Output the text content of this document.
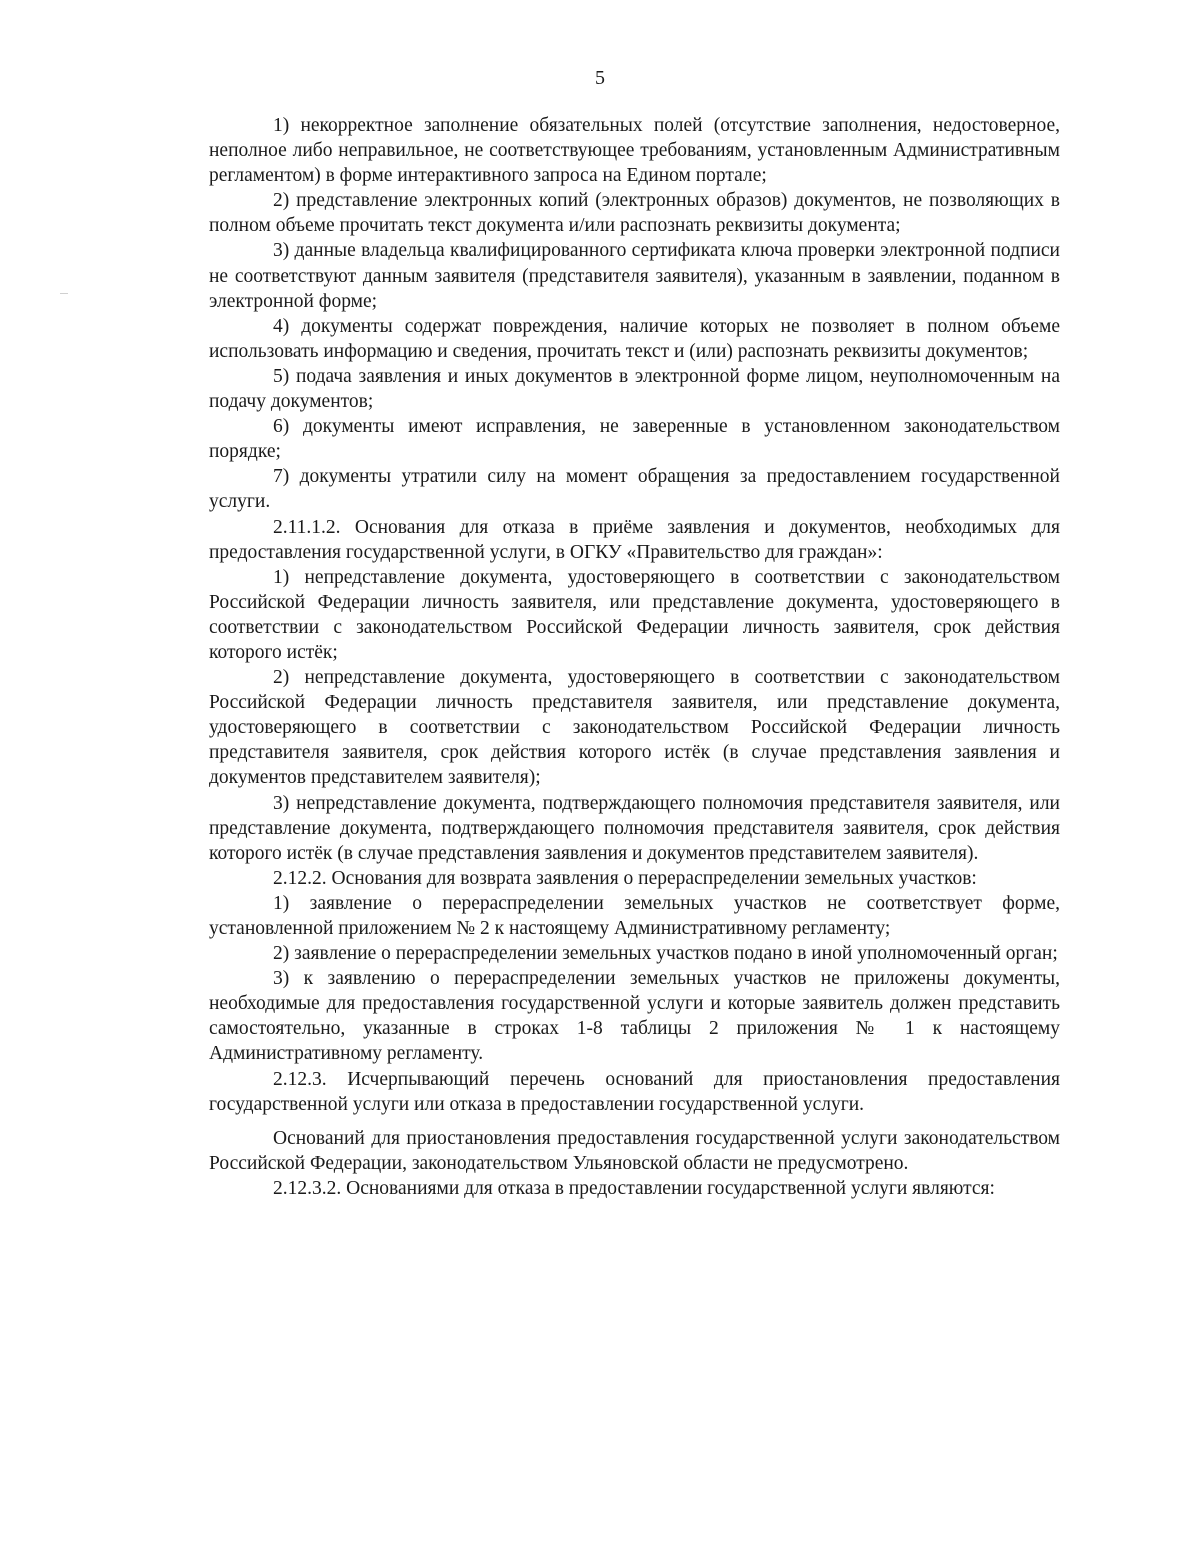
5

1) некорректное заполнение обязательных полей (отсутствие заполнения, недостоверное, неполное либо неправильное, не соответствующее требованиям, установленным Административным регламентом) в форме интерактивного запроса на Едином портале;

2) представление электронных копий (электронных образов) документов, не позволяющих в полном объеме прочитать текст документа и/или распознать реквизиты документа;

3) данные владельца квалифицированного сертификата ключа проверки электронной подписи не соответствуют данным заявителя (представителя заявителя), указанным в заявлении, поданном в электронной форме;

4) документы содержат повреждения, наличие которых не позволяет в полном объеме использовать информацию и сведения, прочитать текст и (или) распознать реквизиты документов;

5) подача заявления и иных документов в электронной форме лицом, неуполномоченным на подачу документов;

6) документы имеют исправления, не заверенные в установленном законодательством порядке;

7) документы утратили силу на момент обращения за предоставлением государственной услуги.

2.11.1.2. Основания для отказа в приёме заявления и документов, необходимых для предоставления государственной услуги, в ОГКУ «Правительство для граждан»:

1) непредставление документа, удостоверяющего в соответствии с законодательством Российской Федерации личность заявителя, или представление документа, удостоверяющего в соответствии с законодательством Российской Федерации личность заявителя, срок действия которого истёк;

2) непредставление документа, удостоверяющего в соответствии с законодательством Российской Федерации личность представителя заявителя, или представление документа, удостоверяющего в соответствии с законодательством Российской Федерации личность представителя заявителя, срок действия которого истёк (в случае представления заявления и документов представителем заявителя);

3) непредставление документа, подтверждающего полномочия представителя заявителя, или представление документа, подтверждающего полномочия представителя заявителя, срок действия которого истёк (в случае представления заявления и документов представителем заявителя).

2.12.2. Основания для возврата заявления о перераспределении земельных участков:

1) заявление о перераспределении земельных участков не соответствует форме, установленной приложением № 2 к настоящему Административному регламенту;

2) заявление о перераспределении земельных участков подано в иной уполномоченный орган;

3) к заявлению о перераспределении земельных участков не приложены документы, необходимые для предоставления государственной услуги и которые заявитель должен представить самостоятельно, указанные в строках 1-8 таблицы 2 приложения № 1 к настоящему Административному регламенту.

2.12.3. Исчерпывающий перечень оснований для приостановления предоставления государственной услуги или отказа в предоставлении государственной услуги.

Оснований для приостановления предоставления государственной услуги законодательством Российской Федерации, законодательством Ульяновской области не предусмотрено.

2.12.3.2. Основаниями для отказа в предоставлении государственной услуги являются:
